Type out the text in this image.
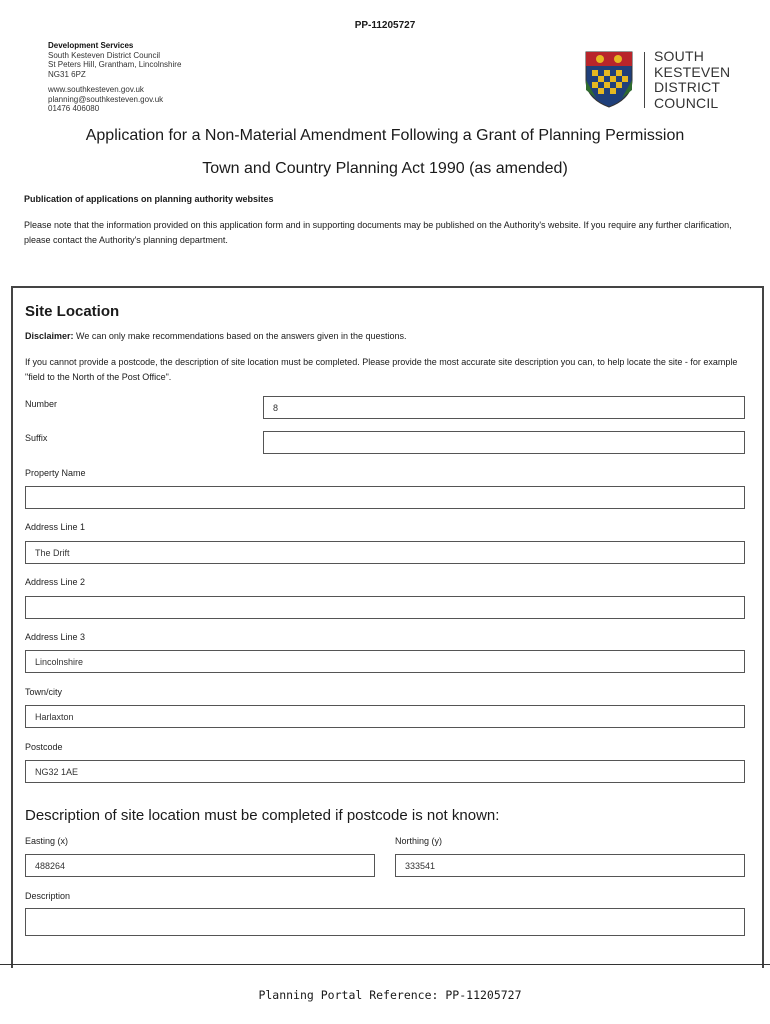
PP-11205727
Development Services
South Kesteven District Council
St Peters Hill, Grantham, Lincolnshire
NG31 6PZ
www.southkesteven.gov.uk
planning@southkesteven.gov.uk
01476 406080
SOUTH
KESTEVEN
DISTRICT
COUNCIL
Application for a Non-Material Amendment Following a Grant of Planning Permission
Town and Country Planning Act 1990 (as amended)
Publication of applications on planning authority websites
Please note that the information provided on this application form and in supporting documents may be published on the Authority's website. If you require any further clarification, please contact the Authority's planning department.
Site Location
Disclaimer: We can only make recommendations based on the answers given in the questions.
If you cannot provide a postcode, the description of site location must be completed. Please provide the most accurate site description you can, to help locate the site - for example "field to the North of the Post Office".
Number	8
Suffix
Property Name
Address Line 1
The Drift
Address Line 2
Address Line 3
Lincolnshire
Town/city
Harlaxton
Postcode
NG32 1AE
Description of site location must be completed if postcode is not known:
Easting (x)
488264
Northing (y)
333541
Description
Planning Portal Reference: PP-11205727
